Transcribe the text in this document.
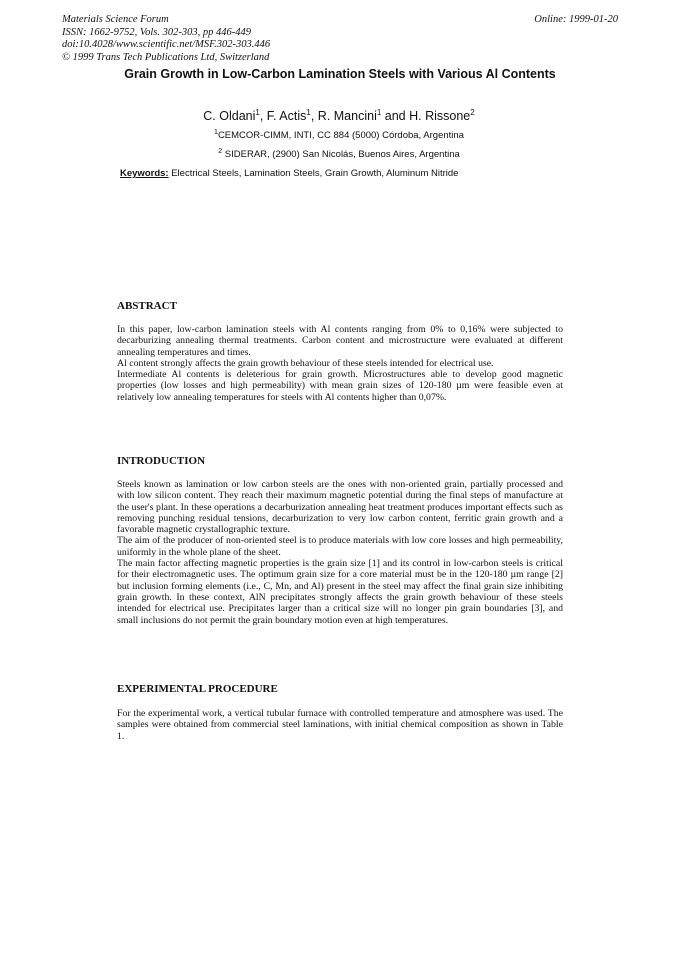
Materials Science Forum
ISSN: 1662-9752, Vols. 302-303, pp 446-449
doi:10.4028/www.scientific.net/MSF.302-303.446
© 1999 Trans Tech Publications Ltd, Switzerland
Online: 1999-01-20
Grain Growth in Low-Carbon Lamination Steels with Various Al Contents
C. Oldani$^1$, F. Actis$^1$, R. Mancini$^1$ and H. Rissone$^2$
$^1$CEMCOR-CIMM, INTI, CC 884 (5000) Córdoba, Argentina
$^2$ SIDERAR, (2900) San Nicolás, Buenos Aires, Argentina
Keywords: Electrical Steels, Lamination Steels, Grain Growth, Aluminum Nitride
ABSTRACT

In this paper, low-carbon lamination steels with Al contents ranging from 0% to 0,16% were subjected to decarburizing annealing thermal treatments. Carbon content and microstructure were evaluated at different annealing temperatures and times.

Al content strongly affects the grain growth behaviour of these steels intended for electrical use.

Intermediate Al contents is deleterious for grain growth. Microstructures able to develop good magnetic properties (low losses and high permeability) with mean grain sizes of 120-180 µm were feasible even at relatively low annealing temperatures for steels with Al contents higher than 0,07%.

INTRODUCTION

Steels known as lamination or low carbon steels are the ones with non-oriented grain, partially processed and with low silicon content. They reach their maximum magnetic potential during the final steps of manufacture at the user's plant. In these operations a decarburization annealing heat treatment produces important effects such as removing punching residual tensions, decarburization to very low carbon content, ferritic grain growth and a favorable magnetic crystallographic texture.

The aim of the producer of non-oriented steel is to produce materials with low core losses and high permeability, uniformly in the whole plane of the sheet.

The main factor affecting magnetic properties is the grain size [1] and its control in low-carbon steels is critical for their electromagnetic uses. The optimum grain size for a core material must be in the 120-180 µm range [2] but inclusion forming elements (i.e., C, Mn, and Al) present in the steel may affect the final grain size inhibiting grain growth. In these context, AlN precipitates strongly affects the grain growth behaviour of these steels intended for electrical use. Precipitates larger than a critical size will no longer pin grain boundaries [3], and small inclusions do not permit the grain boundary motion even at high temperatures.

EXPERIMENTAL PROCEDURE

For the experimental work, a vertical tubular furnace with controlled temperature and atmosphere was used. The samples were obtained from commercial steel laminations, with initial chemical composition as shown in Table 1.
